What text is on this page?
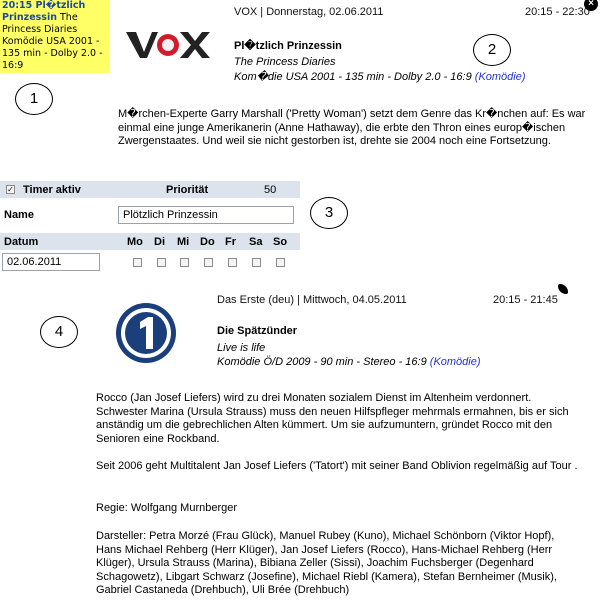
20:15 Pl�tzlich Prinzessin The Princess Diaries Komödie USA 2001 - 135 min - Dolby 2.0 - 16:9
1
2
3
4
×
VOX | Donnerstag, 02.06.2011	20:15 - 22:30
Pl�tzlich Prinzessin
The Princess Diaries
Kom�die USA 2001 - 135 min - Dolby 2.0 - 16:9 (Komödie)
M�rchen-Experte Garry Marshall ('Pretty Woman') setzt dem Genre das Kr�nchen auf: Es war einmal eine junge Amerikanerin (Anne Hathaway), die erbte den Thron eines europ�ischen Zwergenstaates. Und weil sie nicht gestorben ist, drehte sie 2004 noch eine Fortsetzung.
✓ Timer aktiv	Priorität	50
Name	Plötzlich Prinzessin
Datum	Mo Di Mi Do Fr Sa So
02.06.2011
Das Erste (deu) | Mittwoch, 04.05.2011	20:15 - 21:45
Die Spätzünder
Live is life
Komödie Ö/D 2009 - 90 min - Stereo - 16:9 (Komödie)
Rocco (Jan Josef Liefers) wird zu drei Monaten sozialem Dienst im Altenheim verdonnert. Schwester Marina (Ursula Strauss) muss den neuen Hilfspfleger mehrmals ermahnen, bis er sich anständig um die gebrechlichen Alten kümmert. Um sie aufzumuntern, gründet Rocco mit den Senioren eine Rockband.
Seit 2006 geht Multitalent Jan Josef Liefers ('Tatort') mit seiner Band Oblivion regelmäßig auf Tour .
Regie: Wolfgang Murnberger
Darsteller: Petra Morzé (Frau Glück), Manuel Rubey (Kuno), Michael Schönborn (Viktor Hopf), Hans Michael Rehberg (Herr Klüger), Jan Josef Liefers (Rocco), Hans-Michael Rehberg (Herr Klüger), Ursula Strauss (Marina), Bibiana Zeller (Sissi), Joachim Fuchsberger (Degenhard Schagowetz), Libgart Schwarz (Josefine), Michael Riebl (Kamera), Stefan Bernheimer (Musik), Gabriel Castaneda (Drehbuch), Uli Brée (Drehbuch)
